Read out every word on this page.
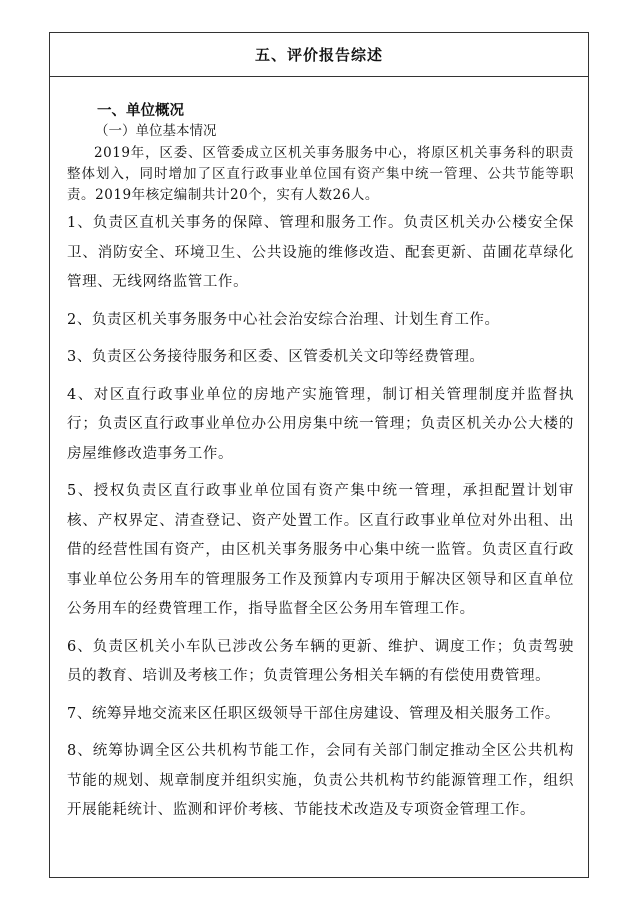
五、评价报告综述
一、单位概况
（一）单位基本情况

2019年，区委、区管委成立区机关事务服务中心，将原区机关事务科的职责整体划入，同时增加了区直行政事业单位国有资产集中统一管理、公共节能等职责。2019年核定编制共计20个，实有人数26人。

1、负责区直机关事务的保障、管理和服务工作。负责区机关办公楼安全保卫、消防安全、环境卫生、公共设施的维修改造、配套更新、苗圃花草绿化管理、无线网络监管工作。

2、负责区机关事务服务中心社会治安综合治理、计划生育工作。

3、负责区公务接待服务和区委、区管委机关文印等经费管理。

4、对区直行政事业单位的房地产实施管理，制订相关管理制度并监督执行；负责区直行政事业单位办公用房集中统一管理；负责区机关办公大楼的房屋维修改造事务工作。

5、授权负责区直行政事业单位国有资产集中统一管理，承担配置计划审核、产权界定、清查登记、资产处置工作。区直行政事业单位对外出租、出借的经营性国有资产，由区机关事务服务中心集中统一监管。负责区直行政事业单位公务用车的管理服务工作及预算内专项用于解决区领导和区直单位公务用车的经费管理工作，指导监督全区公务用车管理工作。

6、负责区机关小车队已涉改公务车辆的更新、维护、调度工作；负责驾驶员的教育、培训及考核工作；负责管理公务相关车辆的有偿使用费管理。

7、统筹异地交流来区任职区级领导干部住房建设、管理及相关服务工作。

8、统筹协调全区公共机构节能工作，会同有关部门制定推动全区公共机构节能的规划、规章制度并组织实施，负责公共机构节约能源管理工作，组织开展能耗统计、监测和评价考核、节能技术改造及专项资金管理工作。
